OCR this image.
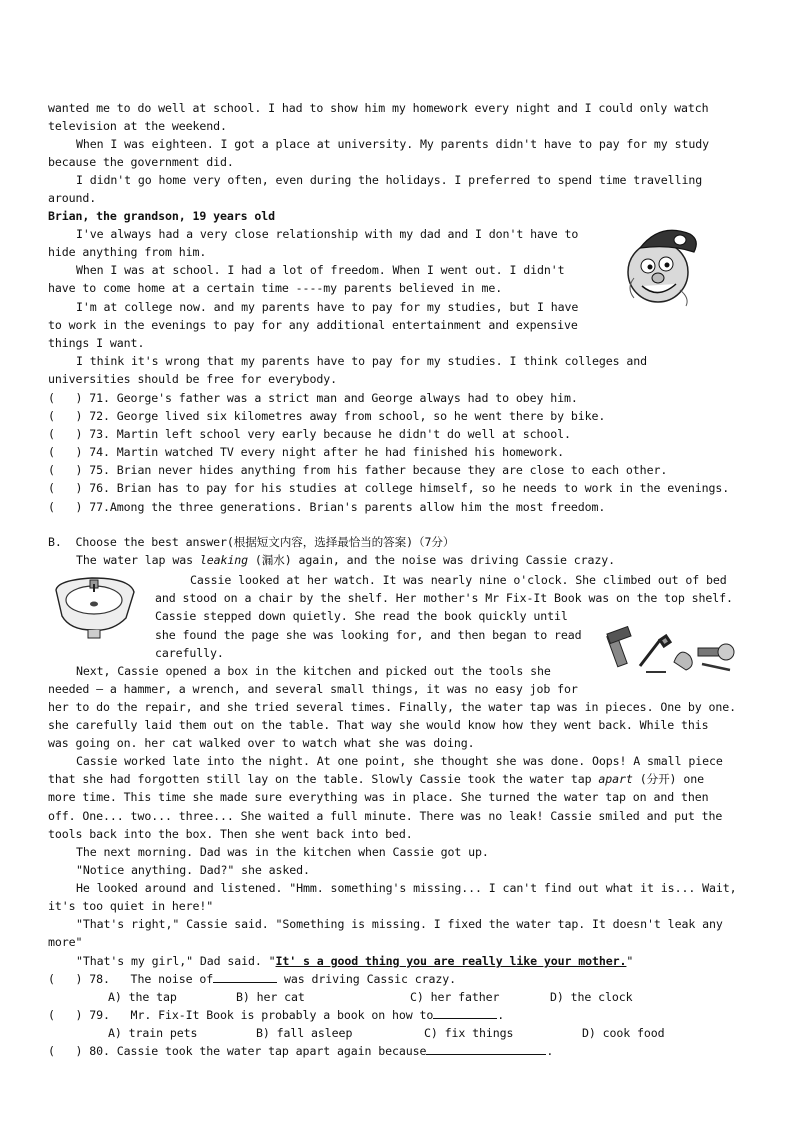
wanted me to do well at school. I had to show him my homework every night and I could only watch
television at the weekend.
When I was eighteen. I got a place at university. My parents didn't have to pay for my study
because the government did.
I didn't go home very often, even during the holidays. I preferred to spend time travelling
around.
Brian, the grandson, 19 years old
I've always had a very close relationship with my dad and I don't have to
hide anything from him.
When I was at school. I had a lot of freedom. When I went out. I didn't
have to come home at a certain time ----my parents believed in me.
I'm at college now. and my parents have to pay for my studies, but I have
to work in the evenings to pay for any additional entertainment and expensive
things I want.
I think it's wrong that my parents have to pay for my studies. I think colleges and
universities should be free for everybody.
(   ) 71. George's father was a strict man and George always had to obey him.
(   ) 72. George lived six kilometres away from school, so he went there by bike.
(   ) 73. Martin left school very early because he didn't do well at school.
(   ) 74. Martin watched TV every night after he had finished his homework.
(   ) 75. Brian never hides anything from his father because they are close to each other.
(   ) 76. Brian has to pay for his studies at college himself, so he needs to work in the evenings.
(   ) 77.Among the three generations. Brian's parents allow him the most freedom.
B.  Choose the best answer(根据短文内容，选择最恰当的答案)（7分）
The water lap was leaking (漏水) again, and the noise was driving Cassie crazy.
Cassie looked at her watch. It was nearly nine o'clock. She climbed out of bed
and stood on a chair by the shelf. Her mother's Mr Fix-It Book was on the top shelf.
Cassie stepped down quietly. She read the book quickly until
she found the page she was looking for, and then began to read
carefully.
Next, Cassie opened a box in the kitchen and picked out the tools she
needed — a hammer, a wrench, and several small things, it was no easy job for
her to do the repair, and she tried several times. Finally, the water tap was in pieces. One by one.
she carefully laid them out on the table. That way she would know how they went back. While this
was going on. her cat walked over to watch what she was doing.
Cassie worked late into the night. At one point, she thought she was done. Oops! A small piece
that she had forgotten still lay on the table. Slowly Cassie took the water tap apart (分开) one
more time. This time she made sure everything was in place. She turned the water tap on and then
off. One... two... three... She waited a full minute. There was no leak! Cassie smiled and put the
tools back into the box. Then she went back into bed.
The next morning. Dad was in the kitchen when Cassie got up.
"Notice anything. Dad?" she asked.
He looked around and listened. "Hmm. something's missing... I can't find out what it is... Wait,
it's too quiet in here!"
"That's right," Cassie said. "Something is missing. I fixed the water tap. It doesn't leak any
more"
"That's my girl," Dad said. "It' s a good thing you are really like your mother."
(   ) 78.   The noise of	was driving Cassic crazy.
A) the tap	B) her cat	C) her father	D) the clock
(   ) 79.   Mr. Fix-It Book is probably a book on how to	.
A) train pets	B) fall asleep	C) fix things	D) cook food
(   ) 80. Cassie took the water tap apart again because	.
